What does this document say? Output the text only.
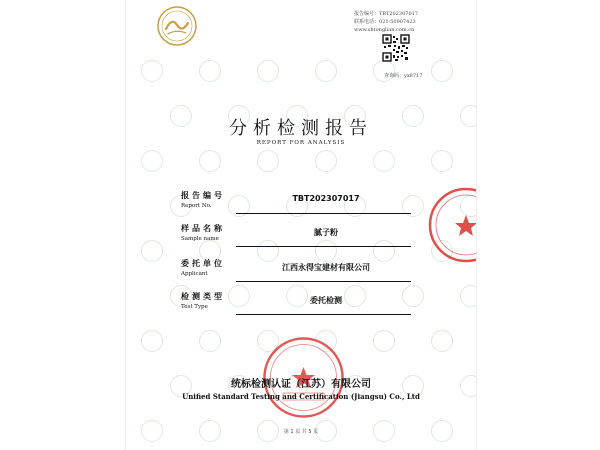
报告编号：TBT202307017
联系电话：021-50907423
www.shtonglian.com.cn
查询码：yx8717
分析检测报告
REPORT FOR ANALYSIS
报告编号
Report No.
TBT202307017
样品名称
Sample name
腻子粉
委托单位
Applicant
江西永得宝建材有限公司
检测类型
Test Type
委托检测
统标检测认证（江苏）有限公司
Unified Standard Testing and Certification (Jiangsu) Co., Ltd
第 1 页 共 5 页
